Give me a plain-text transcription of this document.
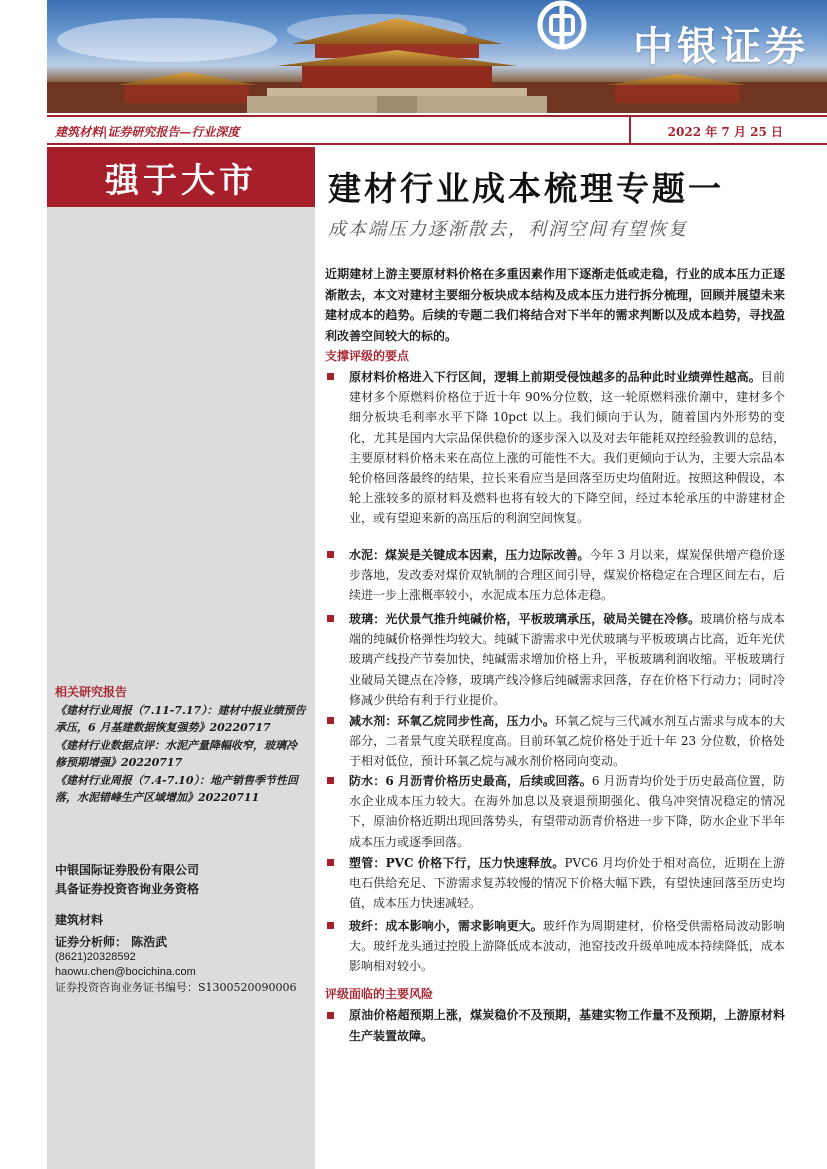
中银证券
建筑材料|证券研究报告—行业深度	2022 年 7 月 25 日
强于大市
相关研究报告
《建材行业周报（7.11-7.17）：建材中报业绩预告承压，6 月基建数据恢复强势》20220717
《建材行业数据点评：水泥产量降幅收窄，玻璃冷修预期增强》20220717
《建材行业周报（7.4-7.10）：地产销售季节性回落，水泥错峰生产区域增加》20220711
中银国际证券股份有限公司
具备证券投资咨询业务资格
建筑材料
证券分析师： 陈浩武
(8621)20328592
haowu.chen@bocichina.com
证券投资咨询业务证书编号：S1300520090006
建材行业成本梳理专题一
成本端压力逐渐散去，利润空间有望恢复
近期建材上游主要原材料价格在多重因素作用下逐渐走低或走稳，行业的成本压力正逐渐散去，本文对建材主要细分板块成本结构及成本压力进行拆分梳理，回顾并展望未来建材成本的趋势。后续的专题二我们将结合对下半年的需求判断以及成本趋势，寻找盈利改善空间较大的标的。
支撑评级的要点
原材料价格进入下行区间，逻辑上前期受侵蚀越多的品种此时业绩弹性越高。目前建材多个原燃料价格位于近十年 90%分位数，这一轮原燃料涨价潮中，建材多个细分板块毛利率水平下降 10pct 以上。我们倾向于认为，随着国内外形势的变化，尤其是国内大宗品保供稳价的逐步深入以及对去年能耗双控经验教训的总结，主要原材料价格未来在高位上涨的可能性不大。我们更倾向于认为，主要大宗品本轮价格回落最终的结果，拉长来看应当是回落至历史均值附近。按照这种假设，本轮上涨较多的原材料及燃料也将有较大的下降空间，经过本轮承压的中游建材企业，或有望迎来新的高压后的利润空间恢复。
水泥：煤炭是关键成本因素，压力边际改善。今年 3 月以来，煤炭保供增产稳价逐步落地，发改委对煤价双轨制的合理区间引导，煤炭价格稳定在合理区间左右，后续进一步上涨概率较小，水泥成本压力总体走稳。
玻璃：光伏景气推升纯碱价格，平板玻璃承压，破局关键在冷修。玻璃价格与成本端的纯碱价格弹性均较大。纯碱下游需求中光伏玻璃与平板玻璃占比高，近年光伏玻璃产线投产节奏加快，纯碱需求增加价格上升，平板玻璃利润收缩。平板玻璃行业破局关键点在冷修，玻璃产线冷修后纯碱需求回落，存在价格下行动力；同时冷修减少供给有利于行业提价。
减水剂：环氧乙烷同步性高，压力小。环氧乙烷与三代减水剂互占需求与成本的大部分，二者景气度关联程度高。目前环氧乙烷价格处于近十年 23 分位数，价格处于相对低位，预计环氧乙烷与减水剂价格同向变动。
防水：6 月沥青价格历史最高，后续或回落。6 月沥青均价处于历史最高位置，防水企业成本压力较大。在海外加息以及衰退预期强化、俄乌冲突情况稳定的情况下，原油价格近期出现回落势头，有望带动沥青价格进一步下降，防水企业下半年成本压力或逐季回落。
塑管：PVC 价格下行，压力快速释放。PVC6 月均价处于相对高位，近期在上游电石供给充足、下游需求复苏较慢的情况下价格大幅下跌，有望快速回落至历史均值，成本压力快速减轻。
玻纤：成本影响小，需求影响更大。玻纤作为周期建材，价格受供需格局波动影响大。玻纤龙头通过控股上游降低成本波动，池窑技改升级单吨成本持续降低，成本影响相对较小。
评级面临的主要风险
原油价格超预期上涨，煤炭稳价不及预期，基建实物工作量不及预期，上游原材料生产装置故障。
